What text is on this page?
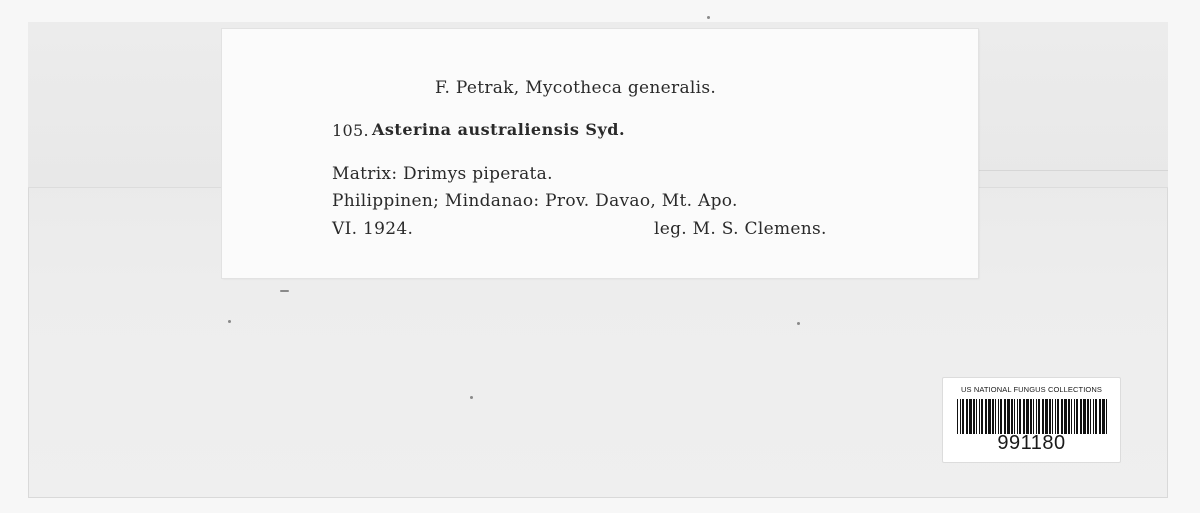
F. Petrak, Mycotheca generalis.
105. Asterina australiensis Syd.
Matrix: Drimys piperata.
Philippinen; Mindanao: Prov. Davao, Mt. Apo.
VI. 1924.	leg. M. S. Clemens.
US NATIONAL FUNGUS COLLECTIONS
991180
